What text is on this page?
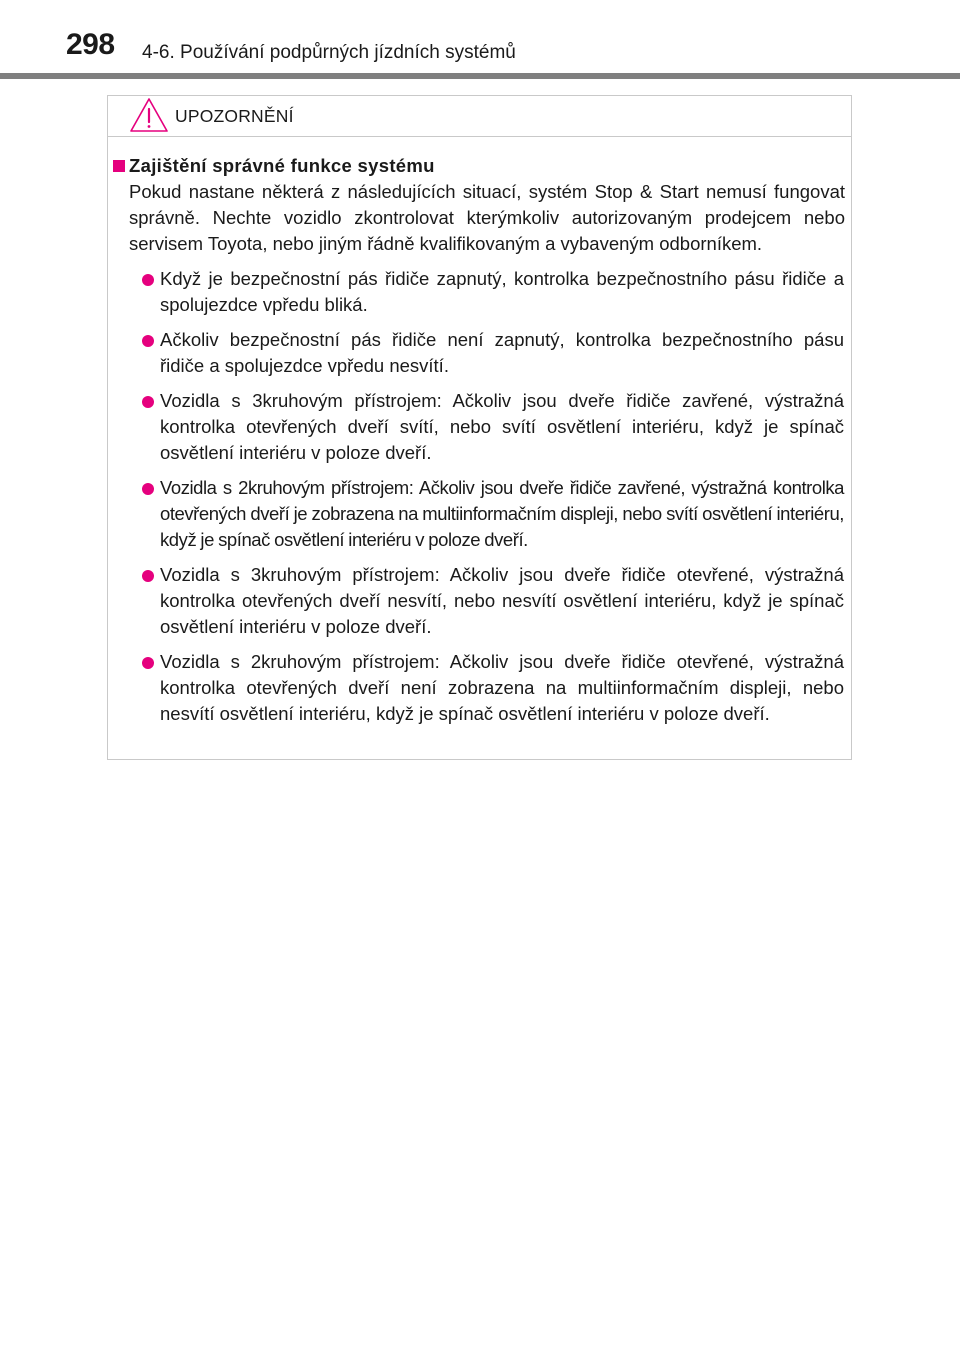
298 4-6. Používání podpůrných jízdních systémů
UPOZORNĚNÍ
Zajištění správné funkce systému

Pokud nastane některá z následujících situací, systém Stop & Start nemusí fungovat správně. Nechte vozidlo zkontrolovat kterýmkoliv autorizovaným prodejcem nebo servisem Toyota, nebo jiným řádně kvalifikovaným a vybaveným odborníkem.

Když je bezpečnostní pás řidiče zapnutý, kontrolka bezpečnostního pásu řidiče a spolujezdce vpředu bliká.

Ačkoliv bezpečnostní pás řidiče není zapnutý, kontrolka bezpečnostního pásu řidiče a spolujezdce vpředu nesvítí.

Vozidla s 3kruhovým přístrojem: Ačkoliv jsou dveře řidiče zavřené, výstražná kontrolka otevřených dveří svítí, nebo svítí osvětlení interiéru, když je spínač osvětlení interiéru v poloze dveří.

Vozidla s 2kruhovým přístrojem: Ačkoliv jsou dveře řidiče zavřené, výstražná kontrolka otevřených dveří je zobrazena na multiinformačním displeji, nebo svítí osvětlení interiéru, když je spínač osvětlení interiéru v poloze dveří.

Vozidla s 3kruhovým přístrojem: Ačkoliv jsou dveře řidiče otevřené, výstražná kontrolka otevřených dveří nesvítí, nebo nesvítí osvětlení interiéru, když je spínač osvětlení interiéru v poloze dveří.

Vozidla s 2kruhovým přístrojem: Ačkoliv jsou dveře řidiče otevřené, výstražná kontrolka otevřených dveří není zobrazena na multiinformačním displeji, nebo nesvítí osvětlení interiéru, když je spínač osvětlení interiéru v poloze dveří.
